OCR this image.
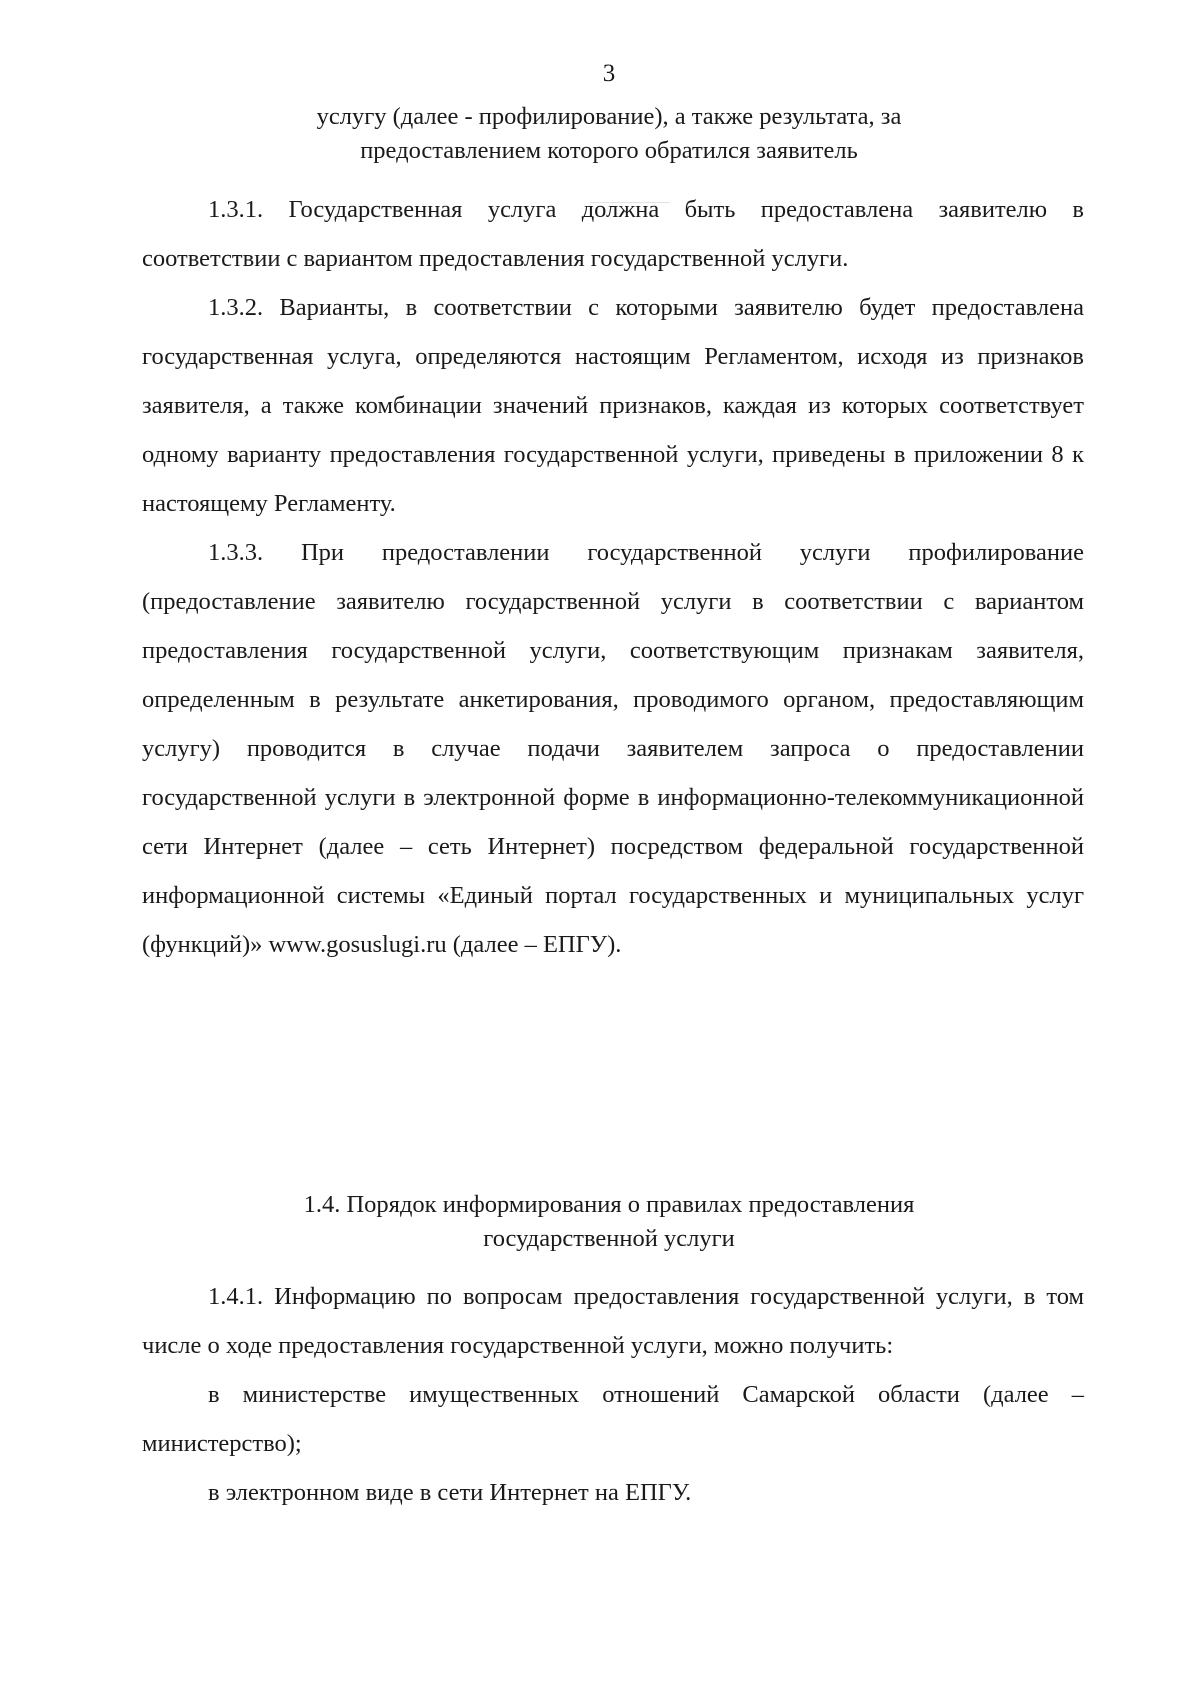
3
услугу (далее - профилирование), а также результата, за
предоставлением которого обратился заявитель

1.3.1. Государственная услуга должна быть предоставлена заявителю в соответствии с вариантом предоставления государственной услуги.

1.3.2. Варианты, в соответствии с которыми заявителю будет предоставлена государственная услуга, определяются настоящим Регламентом, исходя из признаков заявителя, а также комбинации значений признаков, каждая из которых соответствует одному варианту предоставления государственной услуги, приведены в приложении 8 к настоящему Регламенту.

1.3.3. При предоставлении государственной услуги профилирование (предоставление заявителю государственной услуги в соответствии с вариантом предоставления государственной услуги, соответствующим признакам заявителя, определенным в результате анкетирования, проводимого органом, предоставляющим услугу) проводится в случае подачи заявителем запроса о предоставлении государственной услуги в электронной форме в информационно-телекоммуникационной сети Интернет (далее – сеть Интернет) посредством федеральной государственной информационной системы «Единый портал государственных и муниципальных услуг (функций)» www.gosuslugi.ru (далее – ЕПГУ).

1.4. Порядок информирования о правилах предоставления
государственной услуги

1.4.1. Информацию по вопросам предоставления государственной услуги, в том числе о ходе предоставления государственной услуги, можно получить:

в министерстве имущественных отношений Самарской области (далее – министерство);

в электронном виде в сети Интернет на ЕПГУ.
